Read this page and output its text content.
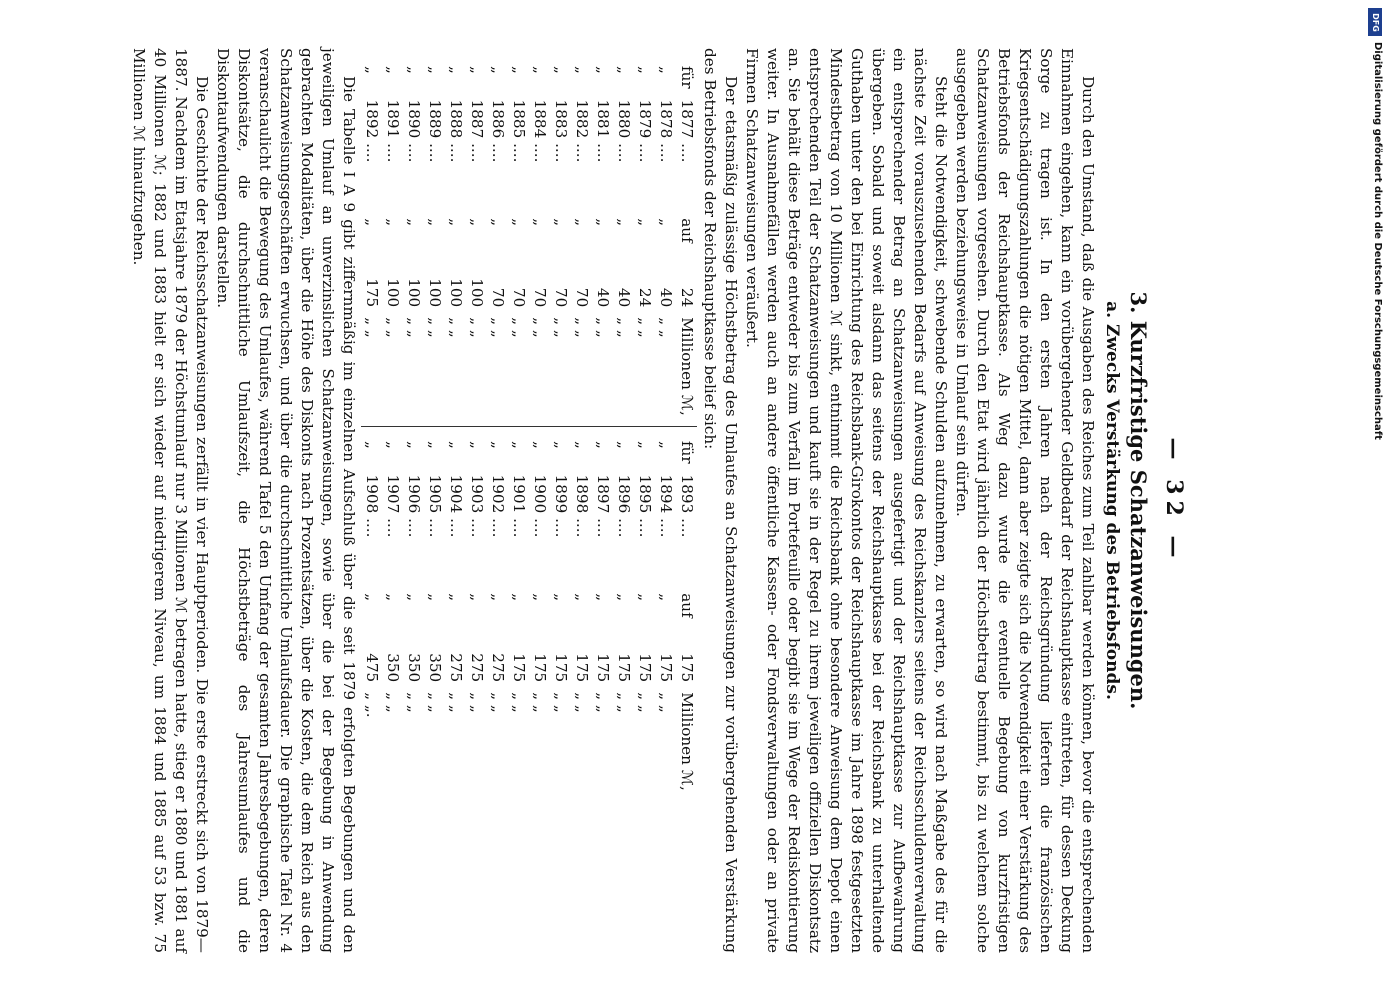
— 32 —
3. Kurzfristige Schatzanweisungen.
a. Zwecks Verstärkung des Betriebsfonds.

Durch den Umstand, daß die Ausgaben des Reiches zum Teil zahlbar werden können, bevor die entsprechenden Einnahmen eingehen, kann ein vorübergehender Geldbedarf der Reichshauptkasse eintreten, für dessen Deckung Sorge zu tragen ist. In den ersten Jahren nach der Reichsgründung lieferten die französischen Kriegsentschädigungszahlungen die nötigen Mittel, dann aber zeigte sich die Notwendigkeit einer Verstärkung des Betriebsfonds der Reichshauptkasse. Als Weg dazu wurde die eventuelle Begebung von kurzfristigen Schatzanweisungen vorgesehen. Durch den Etat wird jährlich der Höchstbetrag bestimmt, bis zu welchem solche ausgegeben werden beziehungsweise in Umlauf sein dürfen.

Steht die Notwendigkeit, schwebende Schulden aufzunehmen, zu erwarten, so wird nach Maßgabe des für die nächste Zeit vorauszusehenden Bedarfs auf Anweisung des Reichskanzlers seitens der Reichsschuldenverwaltung ein entsprechender Betrag an Schatzanweisungen ausgefertigt und der Reichshauptkasse zur Aufbewahrung übergeben. Sobald und soweit alsdann das seitens der Reichshauptkasse bei der Reichsbank zu unterhaltende Guthaben unter den bei Einrichtung des Reichsbank-Girokontos der Reichshauptkasse im Jahre 1898 festgesetzten Mindestbetrag von 10 Millionen ℳ sinkt, entnimmt die Reichsbank ohne besondere Anweisung dem Depot einen entsprechenden Teil der Schatzanweisungen und kauft sie in der Regel zu ihrem jeweiligen offiziellen Diskontsatz an. Sie behält diese Beträge entweder bis zum Verfall im Portefeuille oder begibt sie im Wege der Rediskontierung weiter. In Ausnahmefällen werden auch an andere öffentliche Kassen- oder Fondsverwaltungen oder an private Firmen Schatzanweisungen veräußert.

Der etatsmäßig zulässige Höchstbetrag des Umlaufes an Schatzanweisungen zur vorübergehenden Verstärkung des Betriebsfonds der Reichshauptkasse belief sich:

für
1877 ....
auf
24
Millionen ℳ,
„
1878 ....
„
40
„ „
„
1879 ....
„
24
„ „
„
1880 ....
„
40
„ „
„
1881 ....
„
40
„ „
„
1882 ....
„
70
„ „
„
1883 ....
„
70
„ „
„
1884 ....
„
70
„ „
„
1885 ....
„
70
„ „
„
1886 ....
„
70
„ „
„
1887 ....
„
100
„ „
„
1888 ....
„
100
„ „
„
1889 ....
„
100
„ „
„
1890 ....
„
100
„ „
„
1891 ....
„
100
„ „
„
1892 ....
„
175
„ „
für
1893 ....
auf
175
Millionen ℳ,
„
1894 ....
„
175
„ „
„
1895 ....
„
175
„ „
„
1896 ....
„
175
„ „
„
1897 ....
„
175
„ „
„
1898 ....
„
175
„ „
„
1899 ....
„
175
„ „
„
1900 ....
„
175
„ „
„
1901 ....
„
175
„ „
„
1902 ....
„
275
„ „
„
1903 ....
„
275
„ „
„
1904 ....
„
275
„ „
„
1905 ....
„
350
„ „
„
1906 ....
„
350
„ „
„
1907 ....
„
350
„ „
„
1908 ....
„
475
„ „.

Die Tabelle I A 9 gibt ziffernmäßig im einzelnen Aufschluß über die seit 1879 erfolgten Begebungen und den jeweiligen Umlauf an unverzinslichen Schatzanweisungen, sowie über die bei der Begebung in Anwendung gebrachten Modalitäten, über die Höhe des Diskonts nach Prozentsätzen, über die Kosten, die dem Reich aus den Schatzanweisungsgeschäften erwuchsen, und über die durchschnittliche Umlaufsdauer. Die graphische Tafel Nr. 4 veranschaulicht die Bewegung des Umlaufes, während Tafel 5 den Umfang der gesamten Jahresbegebungen, deren Diskontsätze, die durchschnittliche Umlaufszeit, die Höchstbeträge des Jahresumlaufes und die Diskontaufwendungen darstellen.

Die Geschichte der Reichsschatzanweisungen zerfällt in vier Hauptperioden. Die erste erstreckt sich von 1879—1887. Nachdem im Etatsjahre 1879 der Höchstumlauf nur 3 Millionen ℳ betragen hatte, stieg er 1880 und 1881 auf 40 Millionen ℳ; 1882 und 1883 hielt er sich wieder auf niedrigerem Niveau, um 1884 und 1885 auf 53 bzw. 75 Millionen ℳ hinaufzugehen.

DFG
Digitalisierung gefördert durch die Deutsche Forschungsgemeinschaft
